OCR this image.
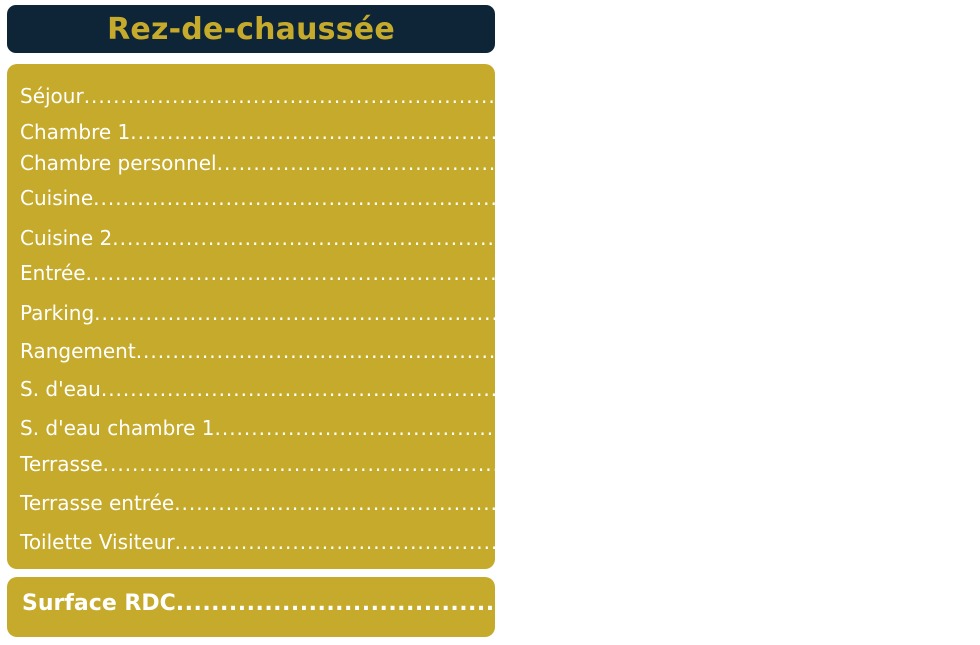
Rez-de-chaussée
Séjour .............................................................................................. 47.89m²
Chambre 1 .............................................................................................. 12.80m²
Chambre personnel .............................................................................................. 6.69m²
Cuisine .............................................................................................. 15.59m²
Cuisine 2 .............................................................................................. 7.05m²
Entrée .............................................................................................. 12.10m²
Parking .............................................................................................. 37.60m²
Rangement .............................................................................................. 2.52m²
S. d'eau .............................................................................................. 2.80m²
S. d'eau chambre 1 .............................................................................................. 3.72m²
Terrasse .............................................................................................. 0.56m²
Terrasse entrée .............................................................................................. 3.74m²
Toilette Visiteur .............................................................................................. 1.94m²
Surface RDC .......................................................... 155.00m²
